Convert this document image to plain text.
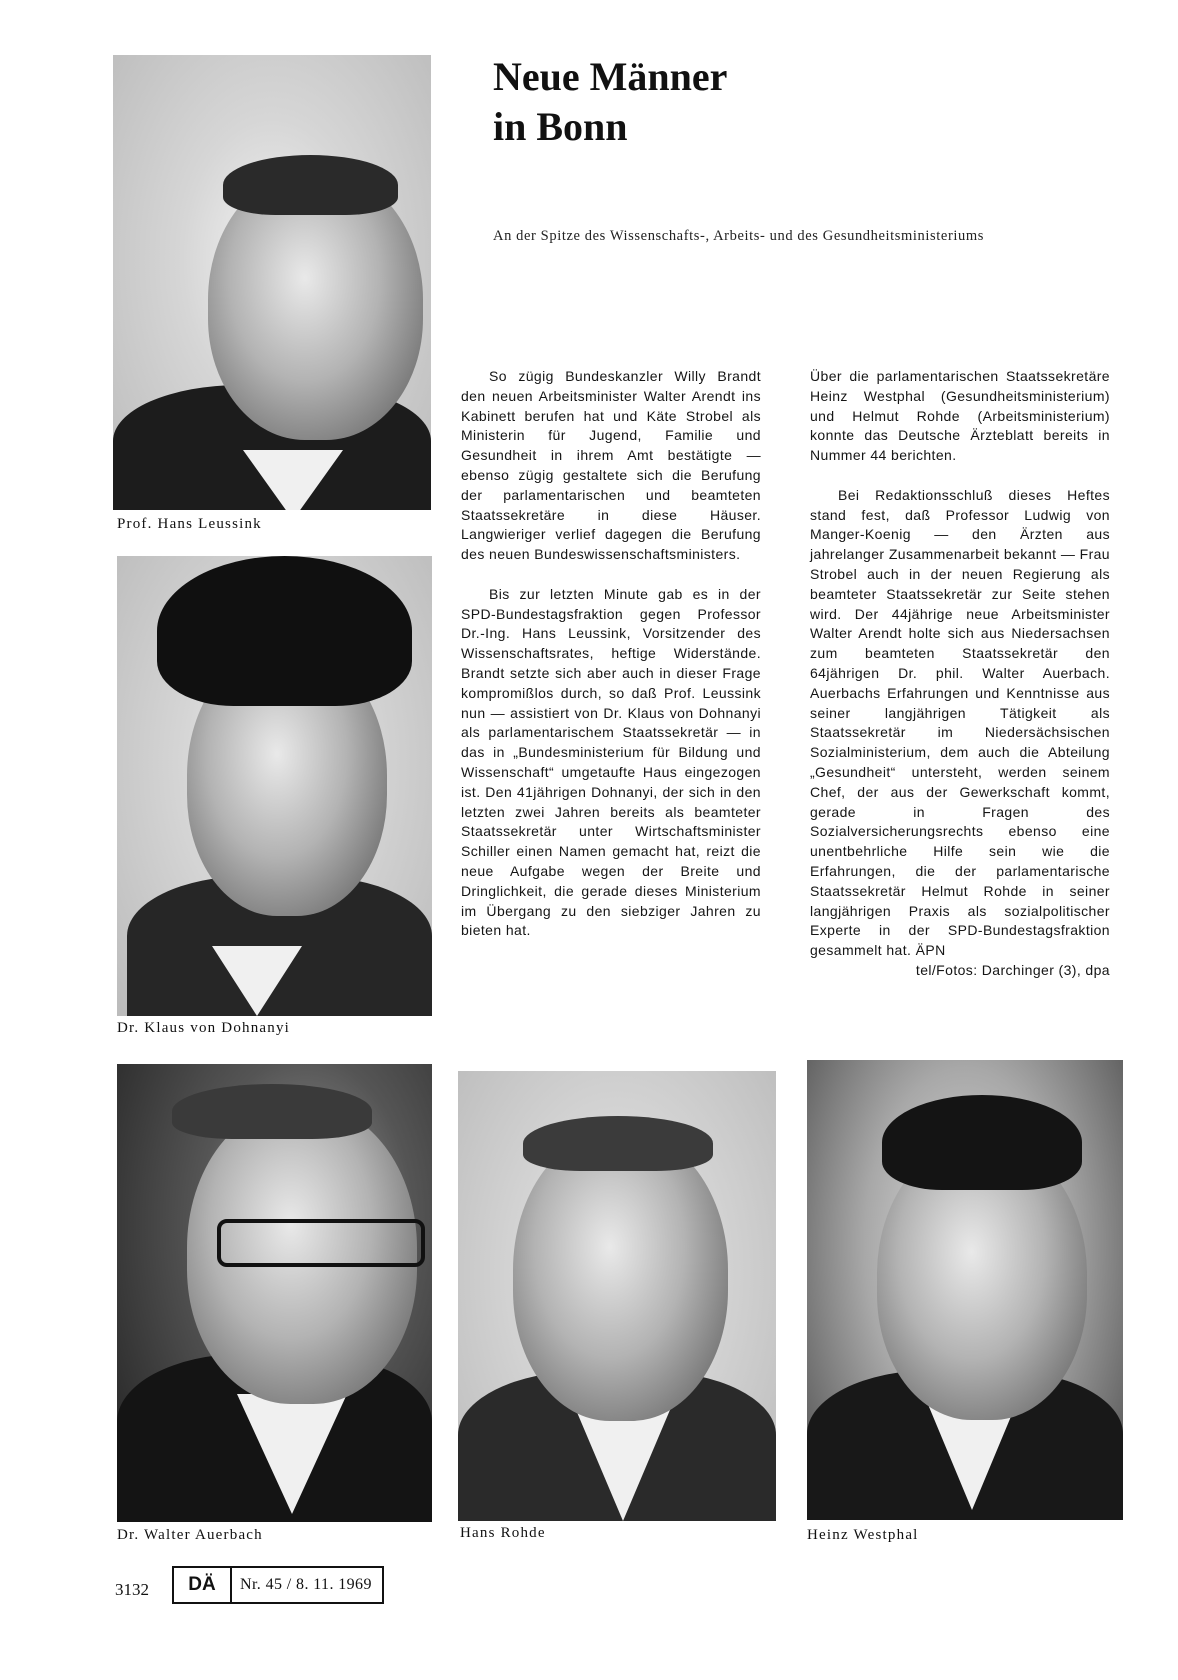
Prof. Hans Leussink
Dr. Klaus von Dohnanyi
Neue Männer
in Bonn
An der Spitze des Wissenschafts-, Arbeits- und des Gesundheitsministeriums

So zügig Bundeskanzler Willy Brandt den neuen Arbeitsminister Walter Arendt ins Kabinett berufen hat und Käte Strobel als Ministerin für Jugend, Familie und Gesundheit in ihrem Amt bestätigte — ebenso zügig gestaltete sich die Berufung der parlamentarischen und beamteten Staatssekretäre in diese Häuser. Langwieriger verlief dagegen die Berufung des neuen Bundeswissenschaftsministers.

Bis zur letzten Minute gab es in der SPD-Bundestagsfraktion gegen Professor Dr.-Ing. Hans Leussink, Vorsitzender des Wissenschaftsrates, heftige Widerstände. Brandt setzte sich aber auch in dieser Frage kompromißlos durch, so daß Prof. Leussink nun — assistiert von Dr. Klaus von Dohnanyi als parlamentarischem Staatssekretär — in das in „Bundesministerium für Bildung und Wissenschaft“ umgetaufte Haus eingezogen ist. Den 41jährigen Dohnanyi, der sich in den letzten zwei Jahren bereits als beamteter Staatssekretär unter Wirtschaftsminister Schiller einen Namen gemacht hat, reizt die neue Aufgabe wegen der Breite und Dringlichkeit, die gerade dieses Ministerium im Übergang zu den siebziger Jahren zu bieten hat.

Über die parlamentarischen Staatssekretäre Heinz Westphal (Gesundheitsministerium) und Helmut Rohde (Arbeitsministerium) konnte das Deutsche Ärzteblatt bereits in Nummer 44 berichten.

Bei Redaktionsschluß dieses Heftes stand fest, daß Professor Ludwig von Manger-Koenig — den Ärzten aus jahrelanger Zusammenarbeit bekannt — Frau Strobel auch in der neuen Regierung als beamteter Staatssekretär zur Seite stehen wird. Der 44jährige neue Arbeitsminister Walter Arendt holte sich aus Niedersachsen zum beamteten Staatssekretär den 64jährigen Dr. phil. Walter Auerbach. Auerbachs Erfahrungen und Kenntnisse aus seiner langjährigen Tätigkeit als Staatssekretär im Niedersächsischen Sozialministerium, dem auch die Abteilung „Gesundheit“ untersteht, werden seinem Chef, der aus der Gewerkschaft kommt, gerade in Fragen des Sozialversicherungsrechts ebenso eine unentbehrliche Hilfe sein wie die Erfahrungen, die der parlamentarische Staatssekretär Helmut Rohde in seiner langjährigen Praxis als sozialpolitischer Experte in der SPD-Bundestagsfraktion gesammelt hat. ÄPN

tel/Fotos: Darchinger (3), dpa

Dr. Walter Auerbach	Hans Rohde	Heinz Westphal
3132	DÄ	Nr. 45 / 8. 11. 1969
